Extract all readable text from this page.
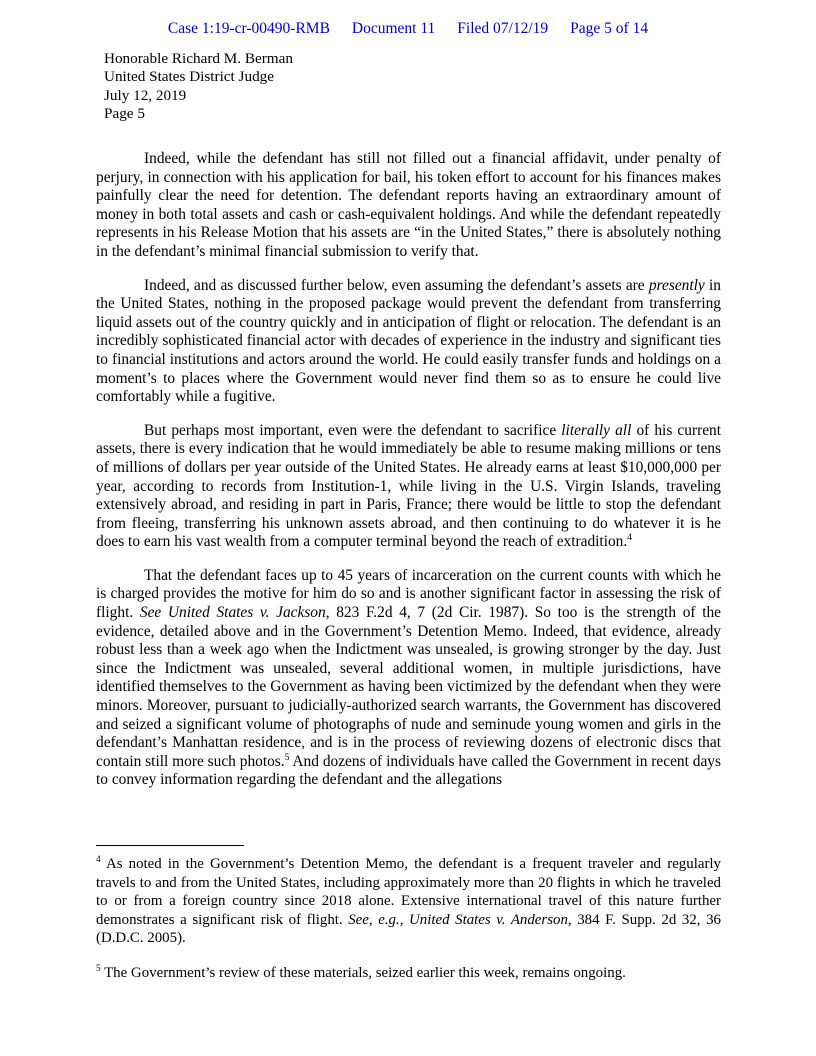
Case 1:19-cr-00490-RMB Document 11 Filed 07/12/19 Page 5 of 14
Honorable Richard M. Berman
United States District Judge
July 12, 2019
Page 5

Indeed, while the defendant has still not filled out a financial affidavit, under penalty of perjury, in connection with his application for bail, his token effort to account for his finances makes painfully clear the need for detention. The defendant reports having an extraordinary amount of money in both total assets and cash or cash-equivalent holdings. And while the defendant repeatedly represents in his Release Motion that his assets are “in the United States,” there is absolutely nothing in the defendant’s minimal financial submission to verify that.

Indeed, and as discussed further below, even assuming the defendant’s assets are presently in the United States, nothing in the proposed package would prevent the defendant from transferring liquid assets out of the country quickly and in anticipation of flight or relocation. The defendant is an incredibly sophisticated financial actor with decades of experience in the industry and significant ties to financial institutions and actors around the world. He could easily transfer funds and holdings on a moment’s to places where the Government would never find them so as to ensure he could live comfortably while a fugitive.

But perhaps most important, even were the defendant to sacrifice literally all of his current assets, there is every indication that he would immediately be able to resume making millions or tens of millions of dollars per year outside of the United States. He already earns at least $10,000,000 per year, according to records from Institution-1, while living in the U.S. Virgin Islands, traveling extensively abroad, and residing in part in Paris, France; there would be little to stop the defendant from fleeing, transferring his unknown assets abroad, and then continuing to do whatever it is he does to earn his vast wealth from a computer terminal beyond the reach of extradition.$^4$

That the defendant faces up to 45 years of incarceration on the current counts with which he is charged provides the motive for him do so and is another significant factor in assessing the risk of flight. See United States v. Jackson, 823 F.2d 4, 7 (2d Cir. 1987). So too is the strength of the evidence, detailed above and in the Government’s Detention Memo. Indeed, that evidence, already robust less than a week ago when the Indictment was unsealed, is growing stronger by the day. Just since the Indictment was unsealed, several additional women, in multiple jurisdictions, have identified themselves to the Government as having been victimized by the defendant when they were minors. Moreover, pursuant to judicially-authorized search warrants, the Government has discovered and seized a significant volume of photographs of nude and seminude young women and girls in the defendant’s Manhattan residence, and is in the process of reviewing dozens of electronic discs that contain still more such photos.$^5$ And dozens of individuals have called the Government in recent days to convey information regarding the defendant and the allegations

$^4$ As noted in the Government’s Detention Memo, the defendant is a frequent traveler and regularly travels to and from the United States, including approximately more than 20 flights in which he traveled to or from a foreign country since 2018 alone. Extensive international travel of this nature further demonstrates a significant risk of flight. See, e.g., United States v. Anderson, 384 F. Supp. 2d 32, 36 (D.D.C. 2005).
$^5$ The Government’s review of these materials, seized earlier this week, remains ongoing.
